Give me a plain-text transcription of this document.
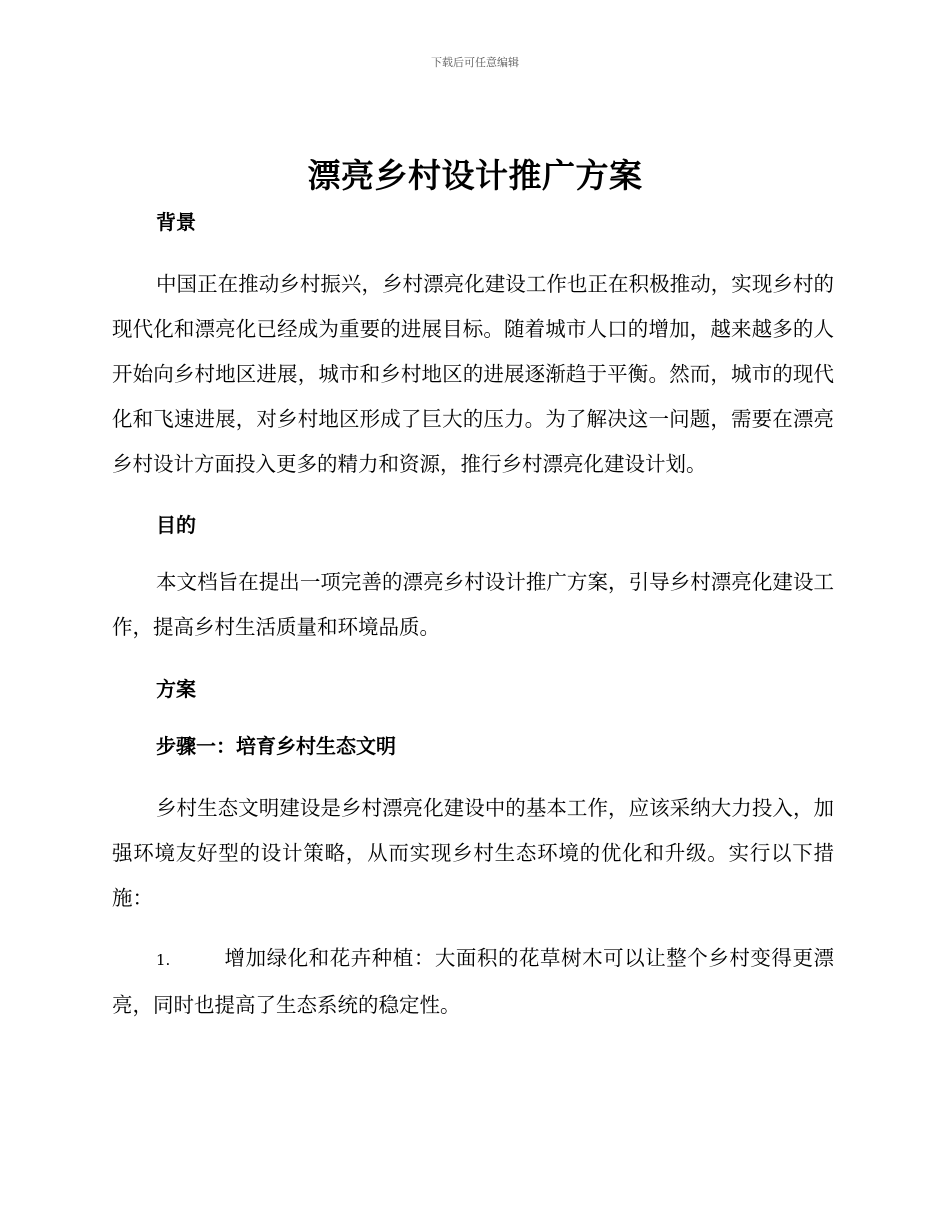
下载后可任意编辑
漂亮乡村设计推广方案

背景

中国正在推动乡村振兴，乡村漂亮化建设工作也正在积极推动，实现乡村的现代化和漂亮化已经成为重要的进展目标。随着城市人口的增加，越来越多的人开始向乡村地区进展，城市和乡村地区的进展逐渐趋于平衡。然而，城市的现代化和飞速进展，对乡村地区形成了巨大的压力。为了解决这一问题，需要在漂亮乡村设计方面投入更多的精力和资源，推行乡村漂亮化建设计划。

目的

本文档旨在提出一项完善的漂亮乡村设计推广方案，引导乡村漂亮化建设工作，提高乡村生活质量和环境品质。

方案

步骤一：培育乡村生态文明

乡村生态文明建设是乡村漂亮化建设中的基本工作，应该采纳大力投入，加强环境友好型的设计策略，从而实现乡村生态环境的优化和升级。实行以下措施：

1.	增加绿化和花卉种植：大面积的花草树木可以让整个乡村变得更漂亮，同时也提高了生态系统的稳定性。
